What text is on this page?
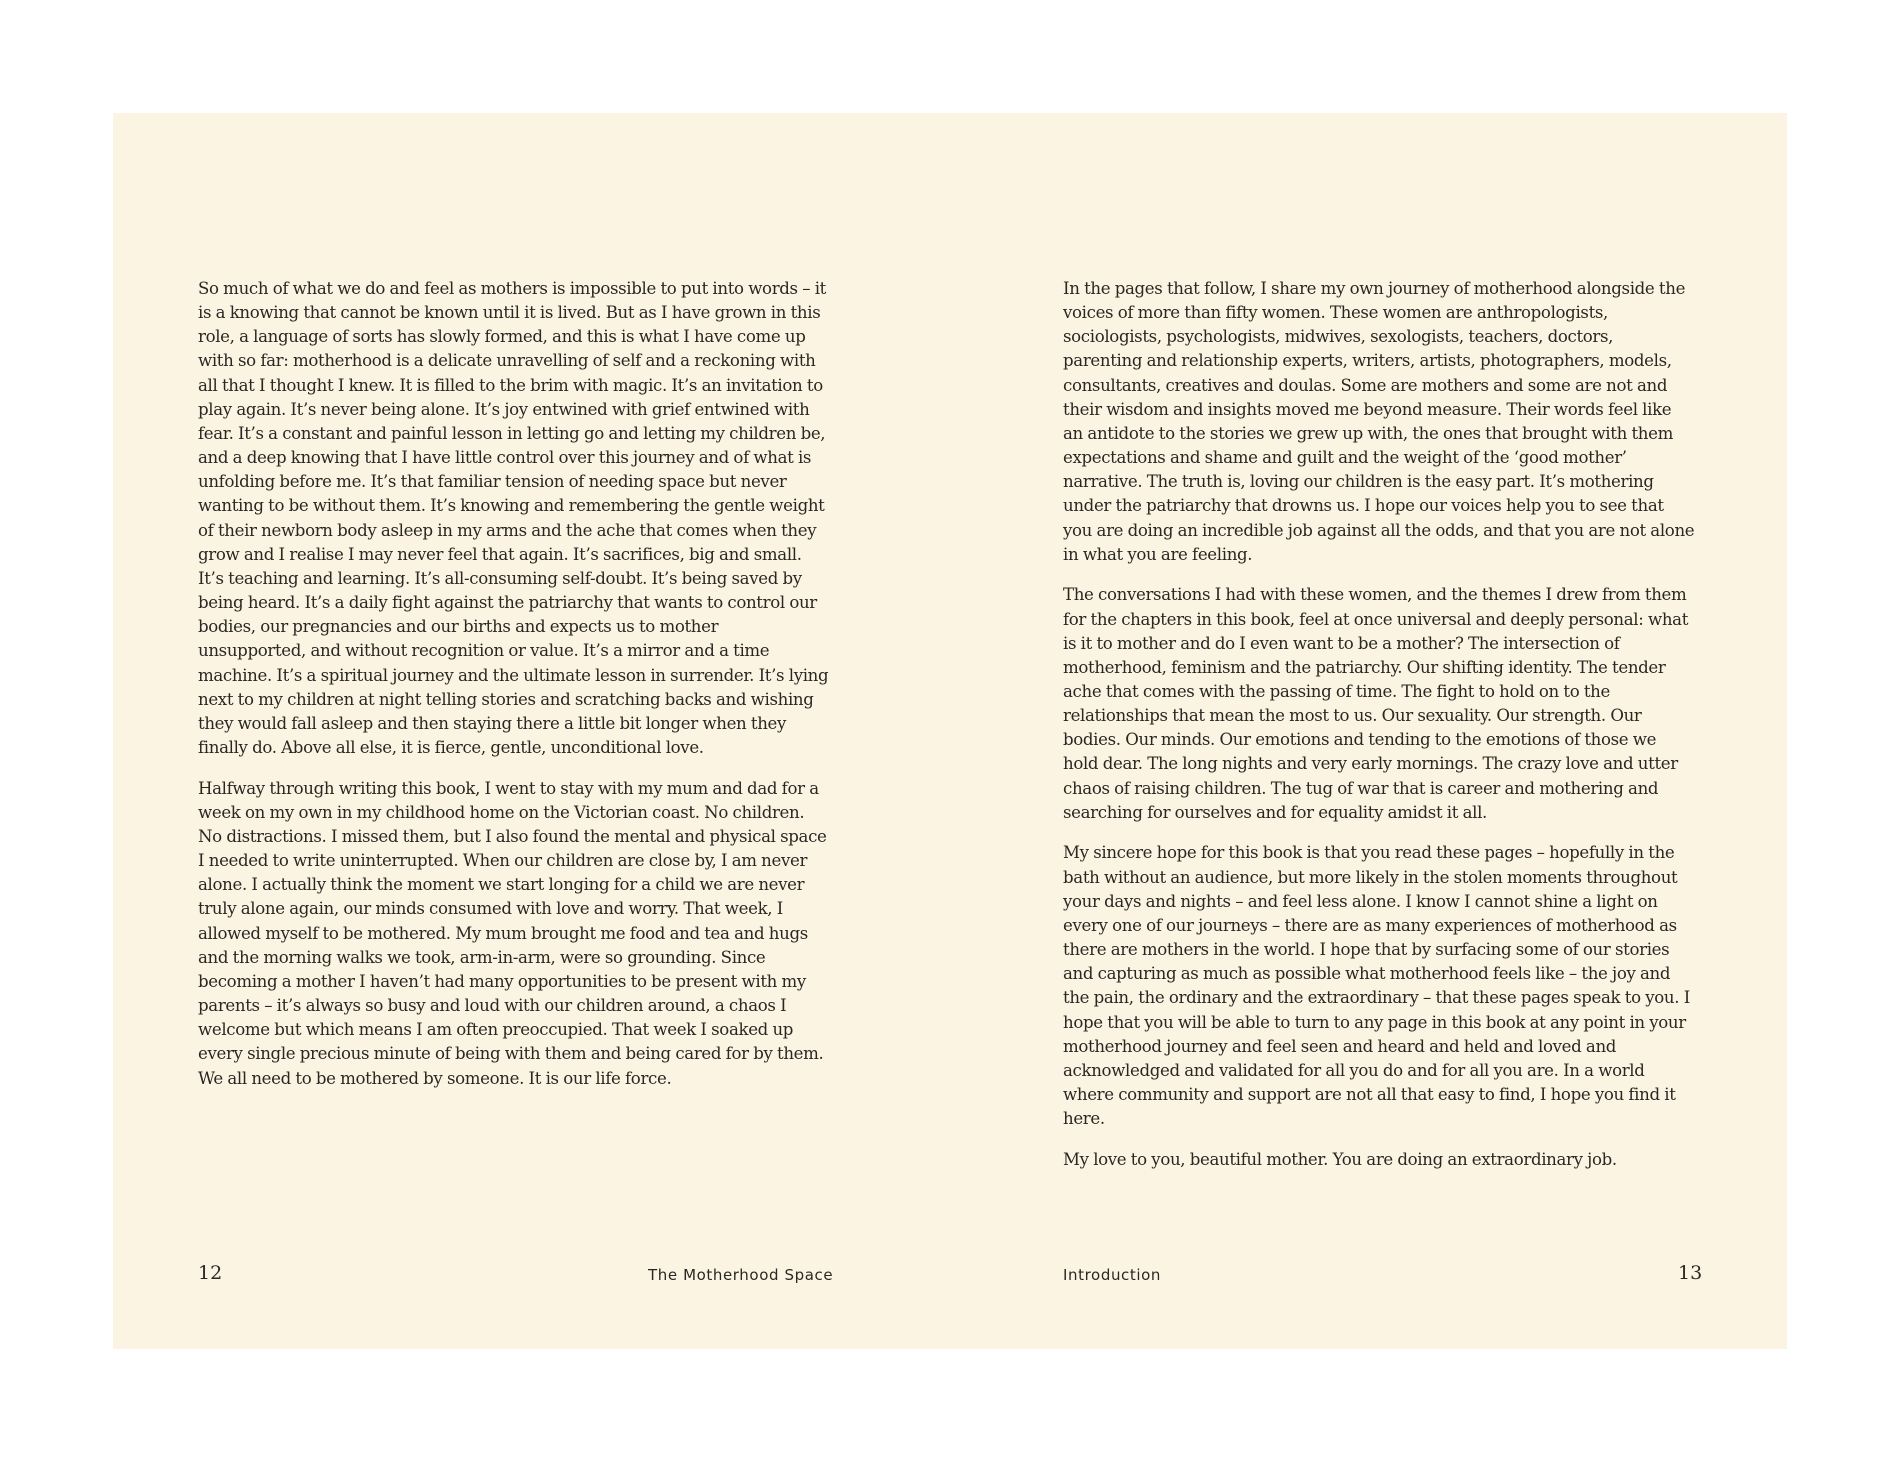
So much of what we do and feel as mothers is impossible to put into words – it is a knowing that cannot be known until it is lived. But as I have grown in this role, a language of sorts has slowly formed, and this is what I have come up with so far: motherhood is a delicate unravelling of self and a reckoning with all that I thought I knew. It is filled to the brim with magic. It’s an invitation to play again. It’s never being alone. It’s joy entwined with grief entwined with fear. It’s a constant and painful lesson in letting go and letting my children be, and a deep knowing that I have little control over this journey and of what is unfolding before me. It’s that familiar tension of needing space but never wanting to be without them. It’s knowing and remembering the gentle weight of their newborn body asleep in my arms and the ache that comes when they grow and I realise I may never feel that again. It’s sacrifices, big and small. It’s teaching and learning. It’s all-consuming self-doubt. It’s being saved by being heard. It’s a daily fight against the patriarchy that wants to control our bodies, our pregnancies and our births and expects us to mother unsupported, and without recognition or value. It’s a mirror and a time machine. It’s a spiritual journey and the ultimate lesson in surrender. It’s lying next to my children at night telling stories and scratching backs and wishing they would fall asleep and then staying there a little bit longer when they finally do. Above all else, it is fierce, gentle, unconditional love.

Halfway through writing this book, I went to stay with my mum and dad for a week on my own in my childhood home on the Victorian coast. No children. No distractions. I missed them, but I also found the mental and physical space I needed to write uninterrupted. When our children are close by, I am never alone. I actually think the moment we start longing for a child we are never truly alone again, our minds consumed with love and worry. That week, I allowed myself to be mothered. My mum brought me food and tea and hugs and the morning walks we took, arm-in-arm, were so grounding. Since becoming a mother I haven’t had many opportunities to be present with my parents – it’s always so busy and loud with our children around, a chaos I welcome but which means I am often preoccupied. That week I soaked up every single precious minute of being with them and being cared for by them. We all need to be mothered by someone. It is our life force.

In the pages that follow, I share my own journey of motherhood alongside the voices of more than fifty women. These women are anthropologists, sociologists, psychologists, midwives, sexologists, teachers, doctors, parenting and relationship experts, writers, artists, photographers, models, consultants, creatives and doulas. Some are mothers and some are not and their wisdom and insights moved me beyond measure. Their words feel like an antidote to the stories we grew up with, the ones that brought with them expectations and shame and guilt and the weight of the ‘good mother’ narrative. The truth is, loving our children is the easy part. It’s mothering under the patriarchy that drowns us. I hope our voices help you to see that you are doing an incredible job against all the odds, and that you are not alone in what you are feeling.

The conversations I had with these women, and the themes I drew from them for the chapters in this book, feel at once universal and deeply personal: what is it to mother and do I even want to be a mother? The intersection of motherhood, feminism and the patriarchy. Our shifting identity. The tender ache that comes with the passing of time. The fight to hold on to the relationships that mean the most to us. Our sexuality. Our strength. Our bodies. Our minds. Our emotions and tending to the emotions of those we hold dear. The long nights and very early mornings. The crazy love and utter chaos of raising children. The tug of war that is career and mothering and searching for ourselves and for equality amidst it all.

My sincere hope for this book is that you read these pages – hopefully in the bath without an audience, but more likely in the stolen moments throughout your days and nights – and feel less alone. I know I cannot shine a light on every one of our journeys – there are as many experiences of motherhood as there are mothers in the world. I hope that by surfacing some of our stories and capturing as much as possible what motherhood feels like – the joy and the pain, the ordinary and the extraordinary – that these pages speak to you. I hope that you will be able to turn to any page in this book at any point in your motherhood journey and feel seen and heard and held and loved and acknowledged and validated for all you do and for all you are. In a world where community and support are not all that easy to find, I hope you find it here.

My love to you, beautiful mother. You are doing an extraordinary job.

12	The Motherhood Space	Introduction	13
